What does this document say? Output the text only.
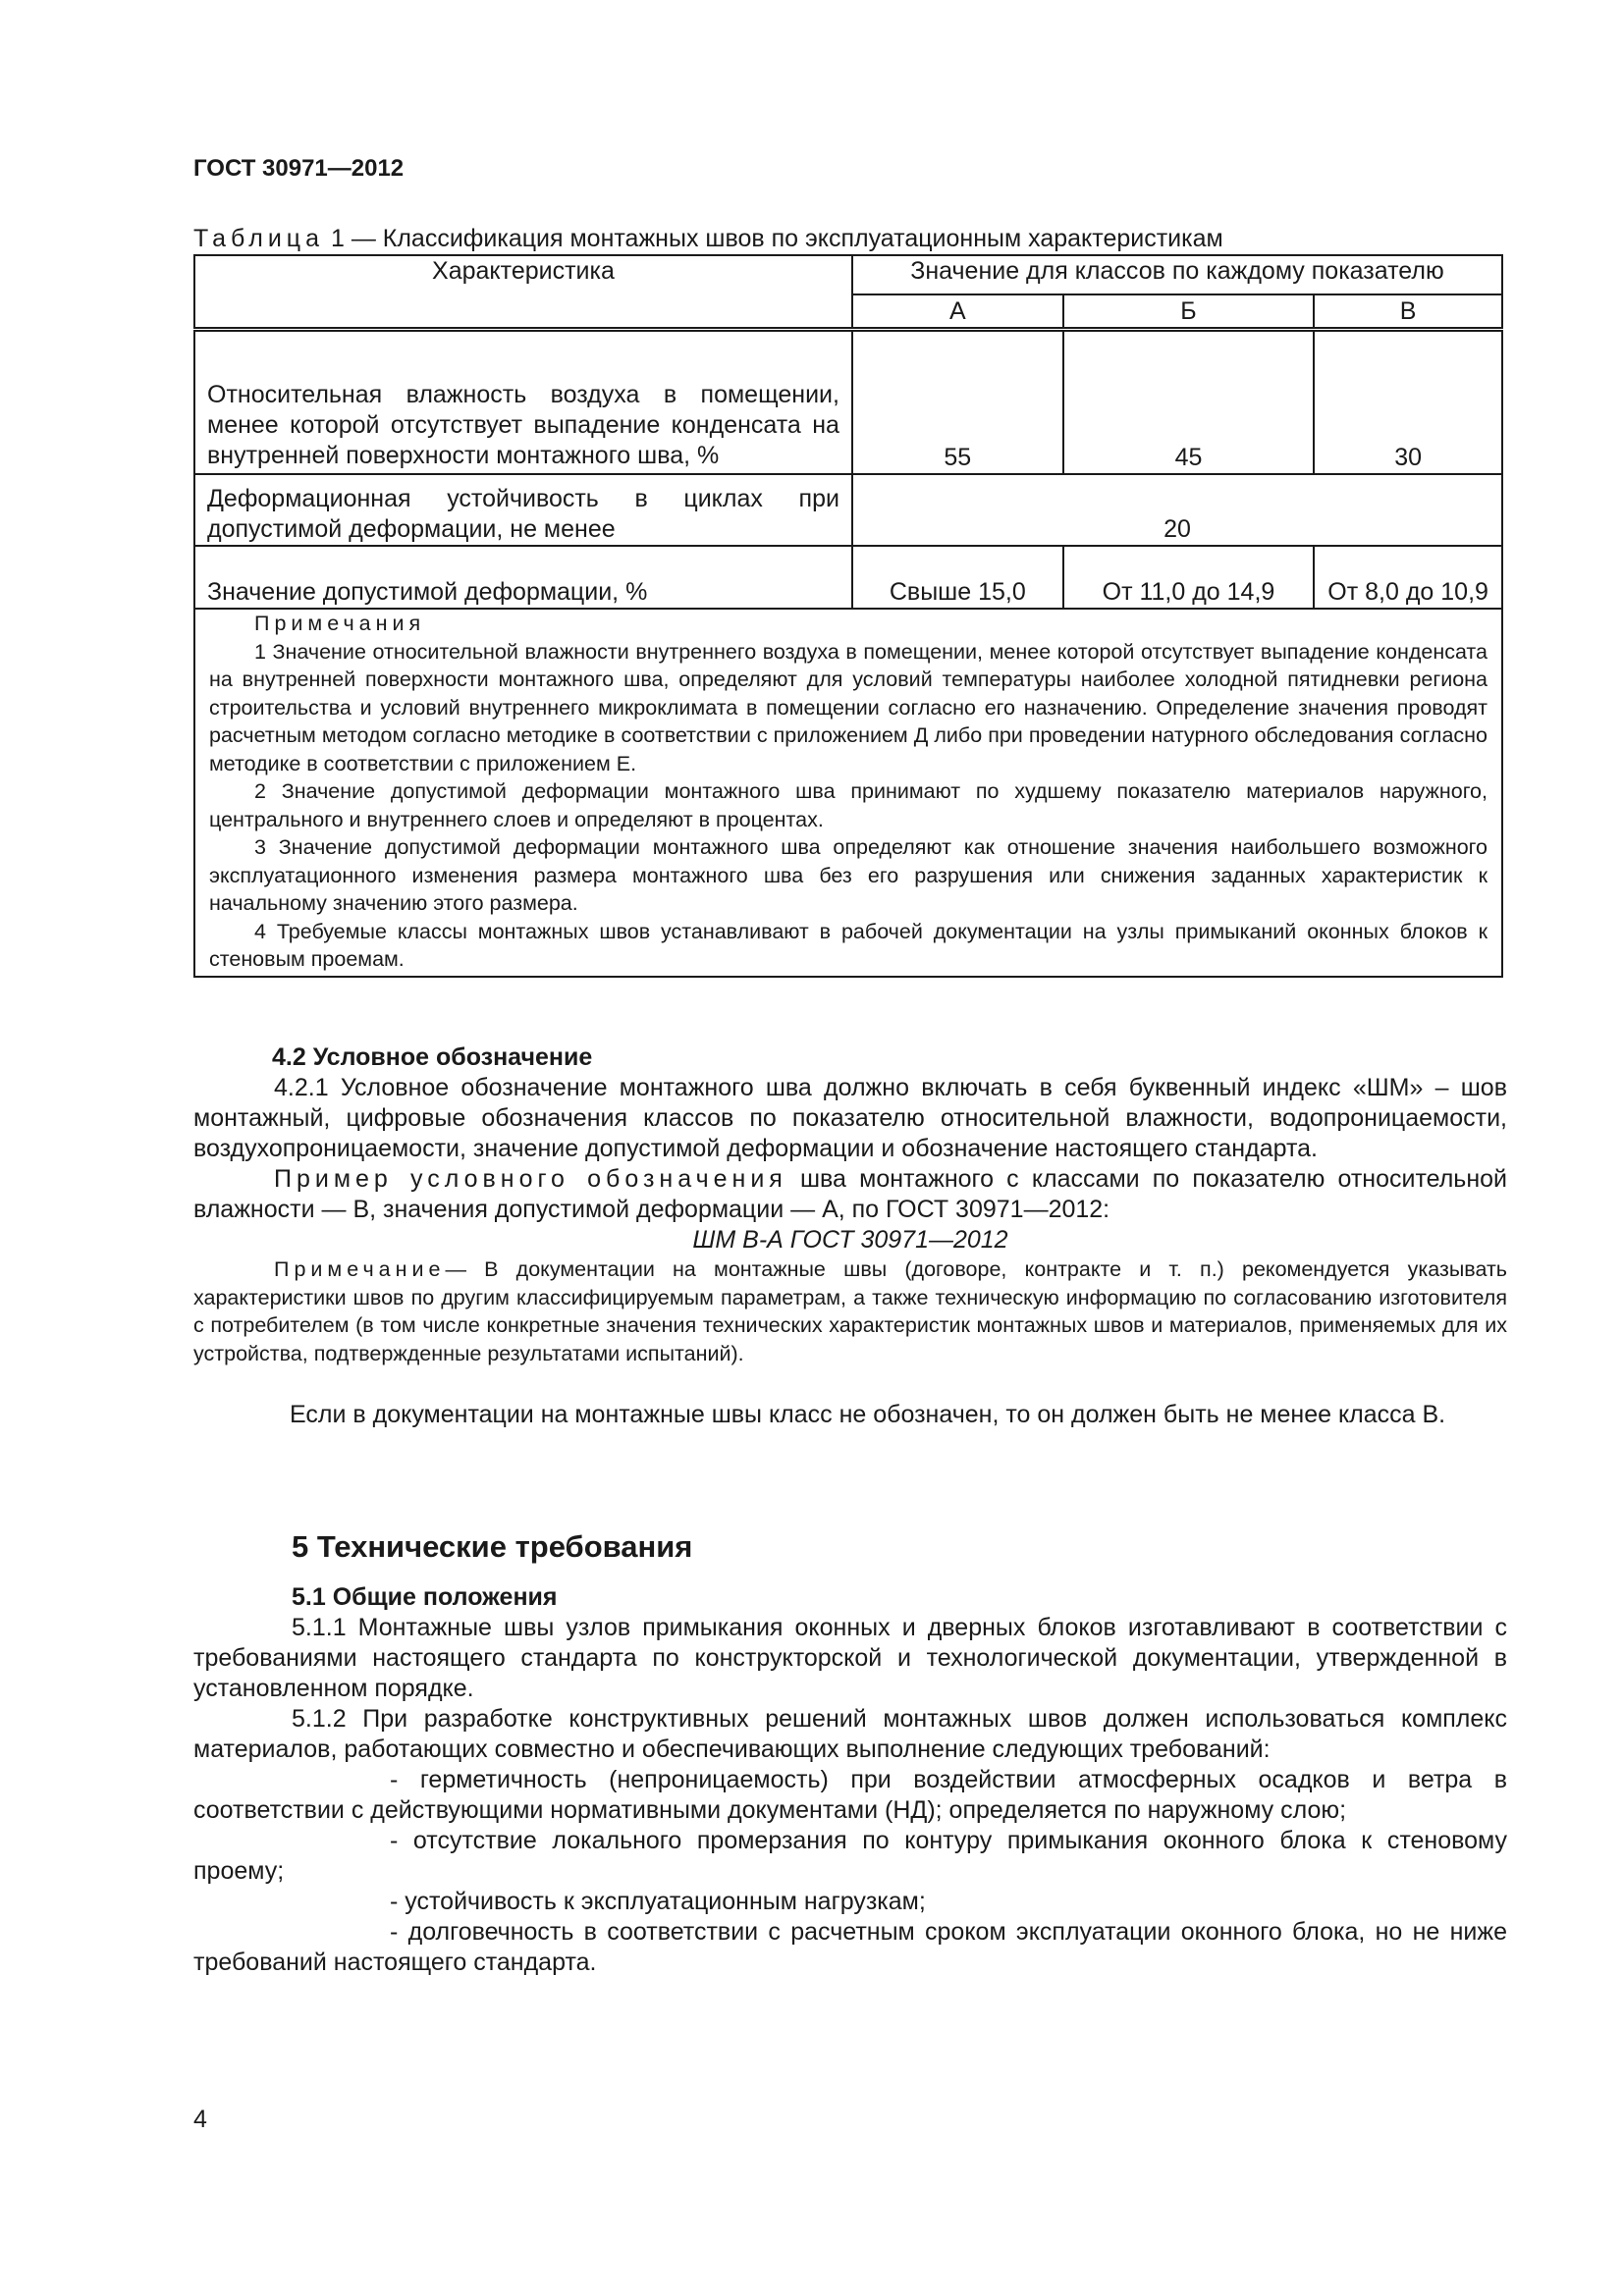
ГОСТ 30971—2012
Таблица 1 — Классификация монтажных швов по эксплуатационным характеристикам
Характеристика	Значение для классов по каждому показателю		
	А	Б	В
Относительная влажность воздуха в помещении, менее которой отсутствует выпадение конденсата на внутренней поверхности монтажного шва, %	55	45	30
Деформационная устойчивость в циклах при допустимой деформации, не менее	20		
Значение допустимой деформации, %	Свыше 15,0	От 11,0 до 14,9	От 8,0 до 10,9

Примечания
1 Значение относительной влажности внутреннего воздуха в помещении, менее которой отсутствует выпадение конденсата на внутренней поверхности монтажного шва, определяют для условий температуры наиболее холодной пятидневки региона строительства и условий внутреннего микроклимата в помещении согласно его назначению. Определение значения проводят расчетным методом согласно методике в соответствии с приложением Д либо при проведении натурного обследования согласно методике в соответствии с приложением Е.
2 Значение допустимой деформации монтажного шва принимают по худшему показателю материалов наружного, центрального и внутреннего слоев и определяют в процентах.
3 Значение допустимой деформации монтажного шва определяют как отношение значения наибольшего возможного эксплуатационного изменения размера монтажного шва без его разрушения или снижения заданных характеристик к начальному значению этого размера.
4 Требуемые классы монтажных швов устанавливают в рабочей документации на узлы примыканий оконных блоков к стеновым проемам.			
4.2 Условное обозначение
4.2.1 Условное обозначение монтажного шва должно включать в себя буквенный индекс «ШМ» – шов монтажный, цифровые обозначения классов по показателю относительной влажности, водопроницаемости, воздухопроницаемости, значение допустимой деформации и обозначение настоящего стандарта.
Пример условного обозначения шва монтажного с классами по показателю относительной влажности — В, значения допустимой деформации — А, по ГОСТ 30971—2012:
ШМ В-А ГОСТ 30971—2012
Примечание— В документации на монтажные швы (договоре, контракте и т. п.) рекомендуется указывать характеристики швов по другим классифицируемым параметрам, а также техническую информацию по согласованию изготовителя с потребителем (в том числе конкретные значения технических характеристик монтажных швов и материалов, применяемых для их устройства, подтвержденные результатами испытаний).
Если в документации на монтажные швы класс не обозначен, то он должен быть не менее класса В.
5 Технические требования
5.1 Общие положения
5.1.1 Монтажные швы узлов примыкания оконных и дверных блоков изготавливают в соответствии с требованиями настоящего стандарта по конструкторской и технологической документации, утвержденной в установленном порядке.
5.1.2 При разработке конструктивных решений монтажных швов должен использоваться комплекс материалов, работающих совместно и обеспечивающих выполнение следующих требований:
- герметичность (непроницаемость) при воздействии атмосферных осадков и ветра в соответствии с действующими нормативными документами (НД); определяется по наружному слою;
- отсутствие локального промерзания по контуру примыкания оконного блока к стеновому проему;
- устойчивость к эксплуатационным нагрузкам;
- долговечность в соответствии с расчетным сроком эксплуатации оконного блока, но не ниже требований настоящего стандарта.
4
